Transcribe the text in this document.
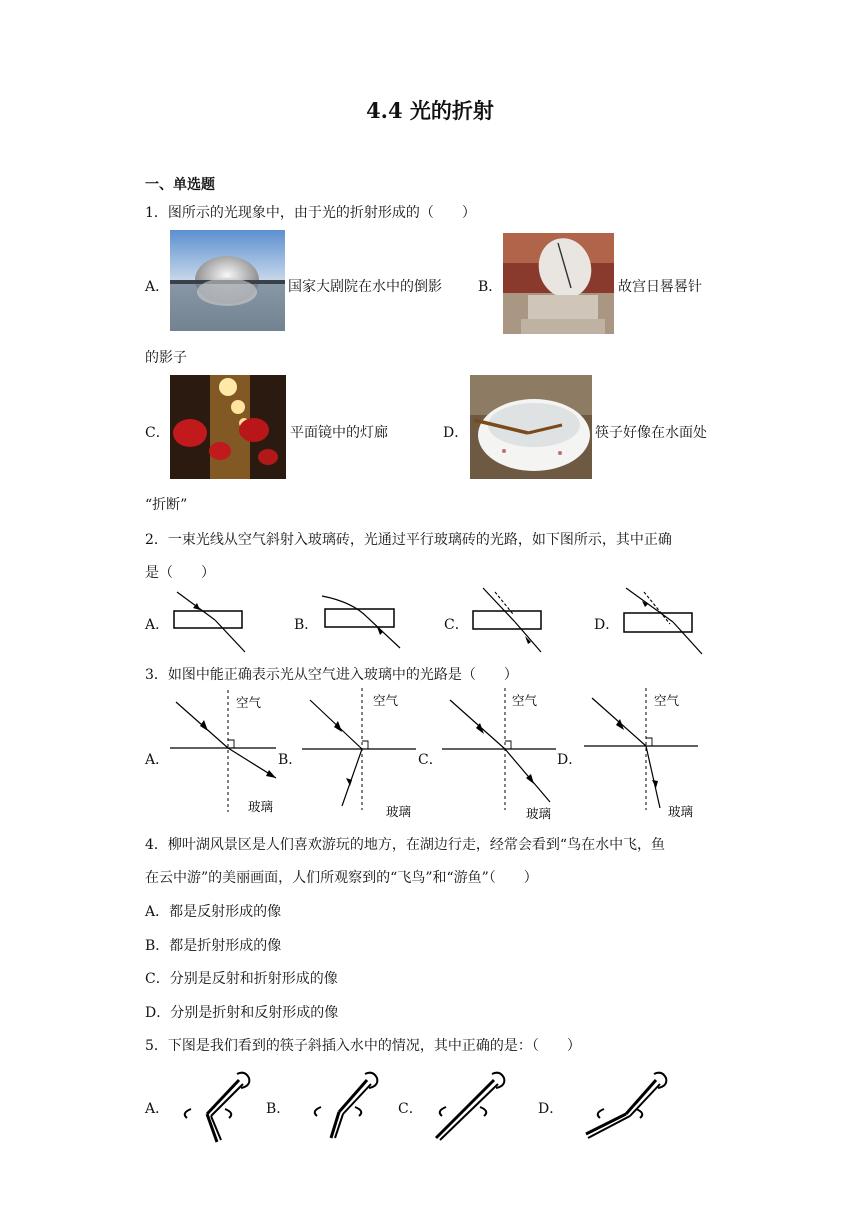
4.4 光的折射
一、单选题
1．图所示的光现象中，由于光的折射形成的（　　）
A．	国家大剧院在水中的倒影	B．	故宫日晷晷针
的影子
C．	平面镜中的灯廊	D．	筷子好像在水面处
“折断”
2．一束光线从空气斜射入玻璃砖，光通过平行玻璃砖的光路，如下图所示，其中正确
是（　　）
A．	B．	C．	D．
3．如图中能正确表示光从空气进入玻璃中的光路是（　　）
A．
空气
玻璃
B．
空气
玻璃
C．
空气
玻璃
D．
空气
玻璃
4．柳叶湖风景区是人们喜欢游玩的地方，在湖边行走，经常会看到“鸟在水中飞，鱼
在云中游”的美丽画面，人们所观察到的“飞鸟”和“游鱼”（　　）
A．都是反射形成的像
B．都是折射形成的像
C．分别是反射和折射形成的像
D．分别是折射和反射形成的像
5．下图是我们看到的筷子斜插入水中的情况，其中正确的是：（　　）
A．	B．	C．	D．
